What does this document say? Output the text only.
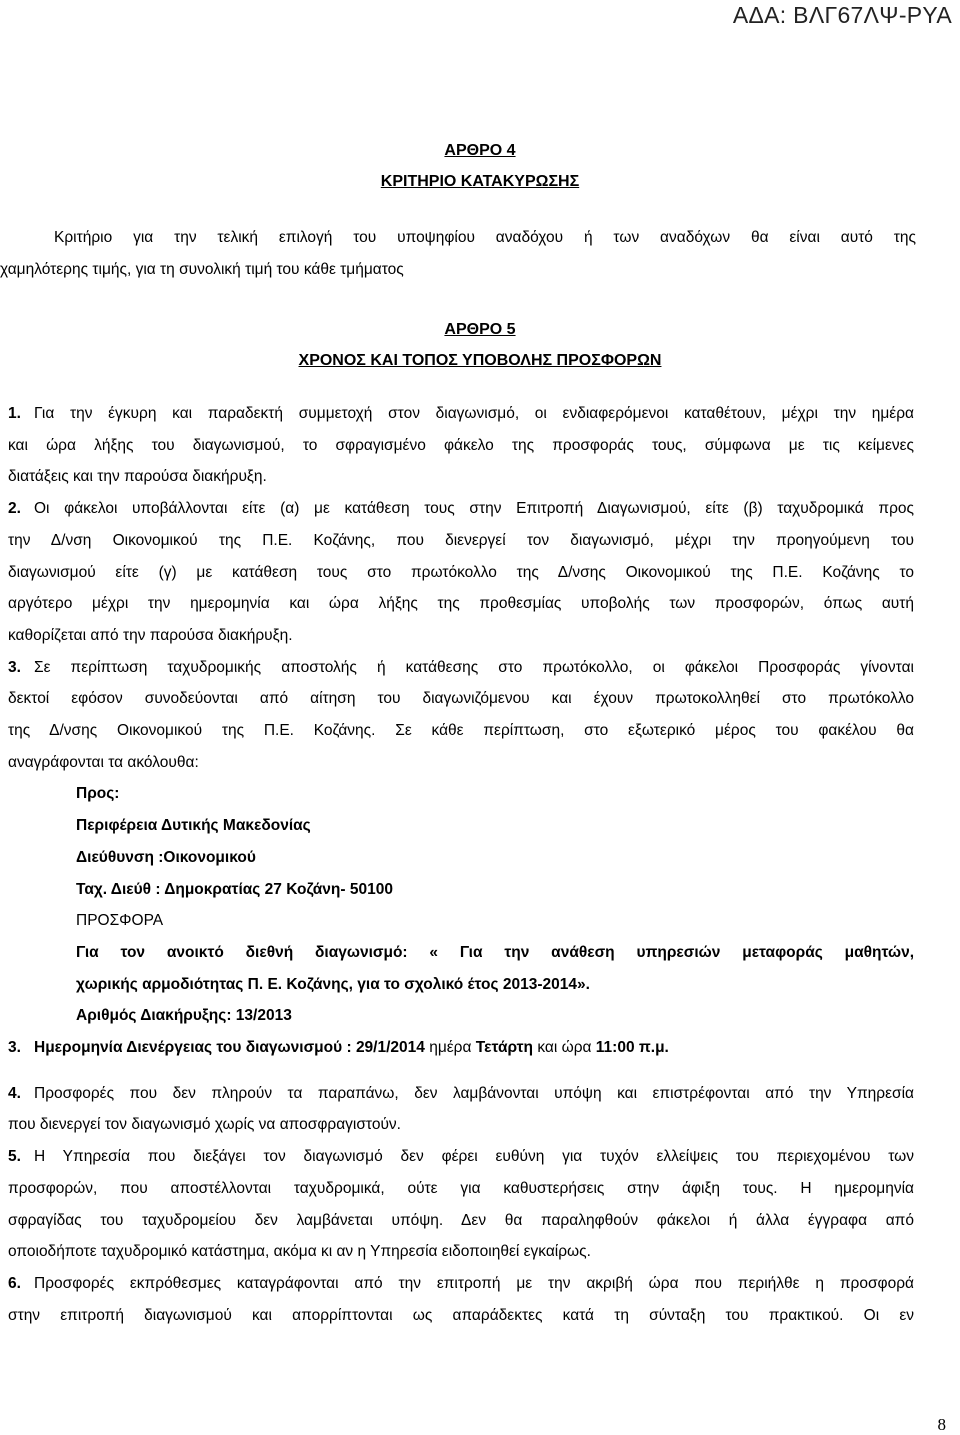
ΑΔΑ: ΒΛΓ67ΛΨ-ΡΥΑ
ΑΡΘΡΟ 4
ΚΡΙΤΗΡΙΟ ΚΑΤΑΚΥΡΩΣΗΣ

Κριτήριο για την τελική επιλογή του υποψηφίου αναδόχου ή των αναδόχων θα είναι αυτό της

χαμηλότερης τιμής, για τη συνολική τιμή του κάθε τμήματος

ΑΡΘΡΟ 5
ΧΡΟΝΟΣ ΚΑΙ ΤΟΠΟΣ ΥΠΟΒΟΛΗΣ ΠΡΟΣΦΟΡΩΝ

1. Για την έγκυρη και παραδεκτή συμμετοχή στον διαγωνισμό, οι ενδιαφερόμενοι καταθέτουν, μέχρι την ημέρα

και ώρα λήξης του διαγωνισμού, το σφραγισμένο φάκελο της προσφοράς τους, σύμφωνα με τις κείμενες

διατάξεις και την παρούσα διακήρυξη.

2. Οι φάκελοι υποβάλλονται είτε (α) με κατάθεση τους στην Επιτροπή Διαγωνισμού, είτε (β) ταχυδρομικά προς

την Δ/νση Οικονομικού της Π.Ε. Κοζάνης, που διενεργεί τον διαγωνισμό, μέχρι την προηγούμενη του

διαγωνισμού είτε (γ) με κατάθεση τους στο πρωτόκολλο της Δ/νσης Οικονομικού της Π.Ε. Κοζάνης το

αργότερο μέχρι την ημερομηνία και ώρα λήξης της προθεσμίας υποβολής των προσφορών, όπως αυτή

καθορίζεται από την παρούσα διακήρυξη.

3. Σε περίπτωση ταχυδρομικής αποστολής ή κατάθεσης στο πρωτόκολλο, οι φάκελοι Προσφοράς γίνονται

δεκτοί εφόσον συνοδεύονται από αίτηση του διαγωνιζόμενου και έχουν πρωτοκολληθεί στο πρωτόκολλο

της Δ/νσης Οικονομικού της Π.Ε. Κοζάνης. Σε κάθε περίπτωση, στο εξωτερικό μέρος του φακέλου θα

αναγράφονται τα ακόλουθα:

Προς:

Περιφέρεια Δυτικής Μακεδονίας

Διεύθυνση :Οικονομικού

Ταχ. Διεύθ : Δημοκρατίας 27 Κοζάνη- 50100

ΠΡΟΣΦΟΡΑ

Για τον ανοικτό διεθνή διαγωνισμό: « Για την ανάθεση υπηρεσιών μεταφοράς μαθητών,

χωρικής αρμοδιότητας Π. Ε. Κοζάνης, για το σχολικό έτος 2013-2014».

Αριθμός Διακήρυξης: 13/2013

3. Ημερομηνία Διενέργειας του διαγωνισμού : 29/1/2014 ημέρα Τετάρτη και ώρα 11:00 π.μ.

4. Προσφορές που δεν πληρούν τα παραπάνω, δεν λαμβάνονται υπόψη και επιστρέφονται από την Υπηρεσία

που διενεργεί τον διαγωνισμό χωρίς να αποσφραγιστούν.

5. Η Υπηρεσία που διεξάγει τον διαγωνισμό δεν φέρει ευθύνη για τυχόν ελλείψεις του περιεχομένου των

προσφορών, που αποστέλλονται ταχυδρομικά, ούτε για καθυστερήσεις στην άφιξη τους. Η ημερομηνία

σφραγίδας του ταχυδρομείου δεν λαμβάνεται υπόψη. Δεν θα παραληφθούν φάκελοι ή άλλα έγγραφα από

οποιοδήποτε ταχυδρομικό κατάστημα, ακόμα κι αν η Υπηρεσία ειδοποιηθεί εγκαίρως.

6. Προσφορές εκπρόθεσμες καταγράφονται από την επιτροπή με την ακριβή ώρα που περιήλθε η προσφορά

στην επιτροπή διαγωνισμού και απορρίπτονται ως απαράδεκτες κατά τη σύνταξη του πρακτικού. Οι εν

8
